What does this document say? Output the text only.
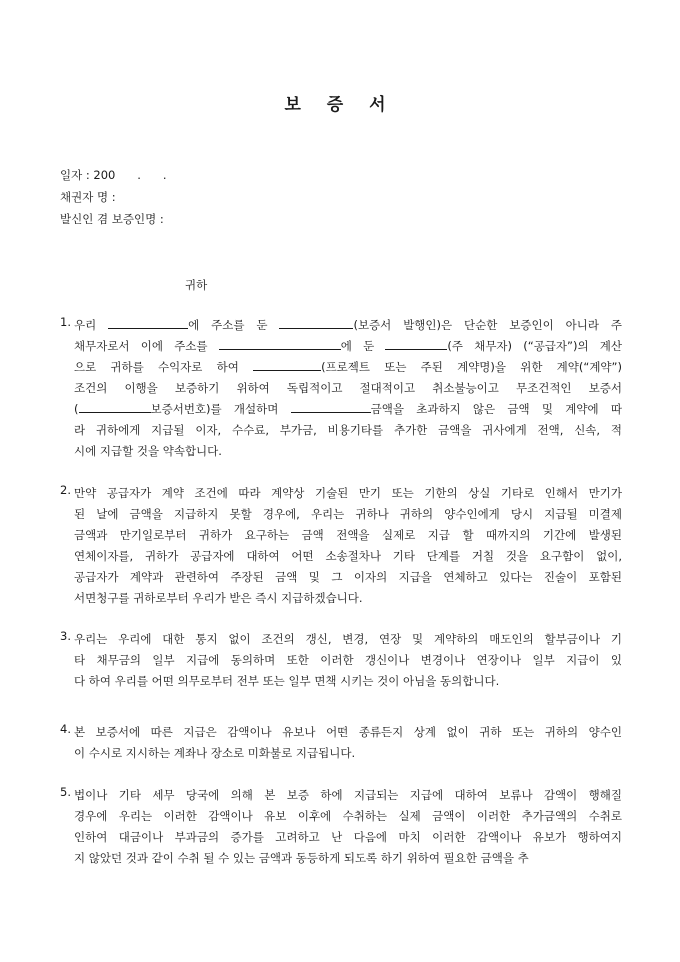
보 증 서
일자 : 200      .      .
채권자 명 :
발신인 겸 보증인명 :
귀하
1. 우리	에 주소를 둔	(보증서 발행인)은 단순한 보증인이 아니라 주
채무자로서 이에 주소를	에 둔	(주 채무자) (“공급자”)의 계산
으로 귀하를 수익자로 하여	(프로젝트 또는 주된 계약명)을 위한 계약(“계약”)
조건의 이행을 보증하기 위하여 독립적이고 절대적이고 취소불능이고 무조건적인 보증서
(	보증서번호)를 개설하며	금액을 초과하지 않은 금액 및 계약에 따
라 귀하에게 지급될 이자, 수수료, 부가금, 비용기타를 추가한 금액을 귀사에게 전액, 신속, 적
시에 지급할 것을 약속합니다.
2. 만약 공급자가 계약 조건에 따라 계약상 기술된 만기 또는 기한의 상실 기타로 인해서 만기가
된 날에 금액을 지급하지 못할 경우에, 우리는 귀하나 귀하의 양수인에게 당시 지급될 미결제
금액과 만기일로부터 귀하가 요구하는 금액 전액을 실제로 지급 할 때까지의 기간에 발생된
연체이자를, 귀하가 공급자에 대하여 어떤 소송절차나 기타 단계를 거칠 것을 요구함이 없이,
공급자가 계약과 관련하여 주장된 금액 및 그 이자의 지급을 연체하고 있다는 진술이 포함된
서면청구를 귀하로부터 우리가 받은 즉시 지급하겠습니다.
3. 우리는 우리에 대한 통지 없이 조건의 갱신, 변경, 연장 및 계약하의 매도인의 할부금이나 기
타 채무금의 일부 지급에 동의하며 또한 이러한 갱신이나 변경이나 연장이나 일부 지급이 있
다 하여 우리를 어떤 의무로부터 전부 또는 일부 면책 시키는 것이 아님을 동의합니다.
4. 본 보증서에 따른 지급은 감액이나 유보나 어떤 종류든지 상계 없이 귀하 또는 귀하의 양수인
이 수시로 지시하는 계좌나 장소로 미화불로 지급됩니다.
5. 법이나 기타 세무 당국에 의해 본 보증 하에 지급되는 지급에 대하여 보류나 감액이 행해질
경우에 우리는 이러한 감액이나 유보 이후에 수취하는 실제 금액이 이러한 추가금액의 수취로
인하여 대금이나 부과금의 증가를 고려하고 난 다음에 마치 이러한 감액이나 유보가 행하여지
지 않았던 것과 같이 수취 될 수 있는 금액과 동등하게 되도록 하기 위하여 필요한 금액을 추
